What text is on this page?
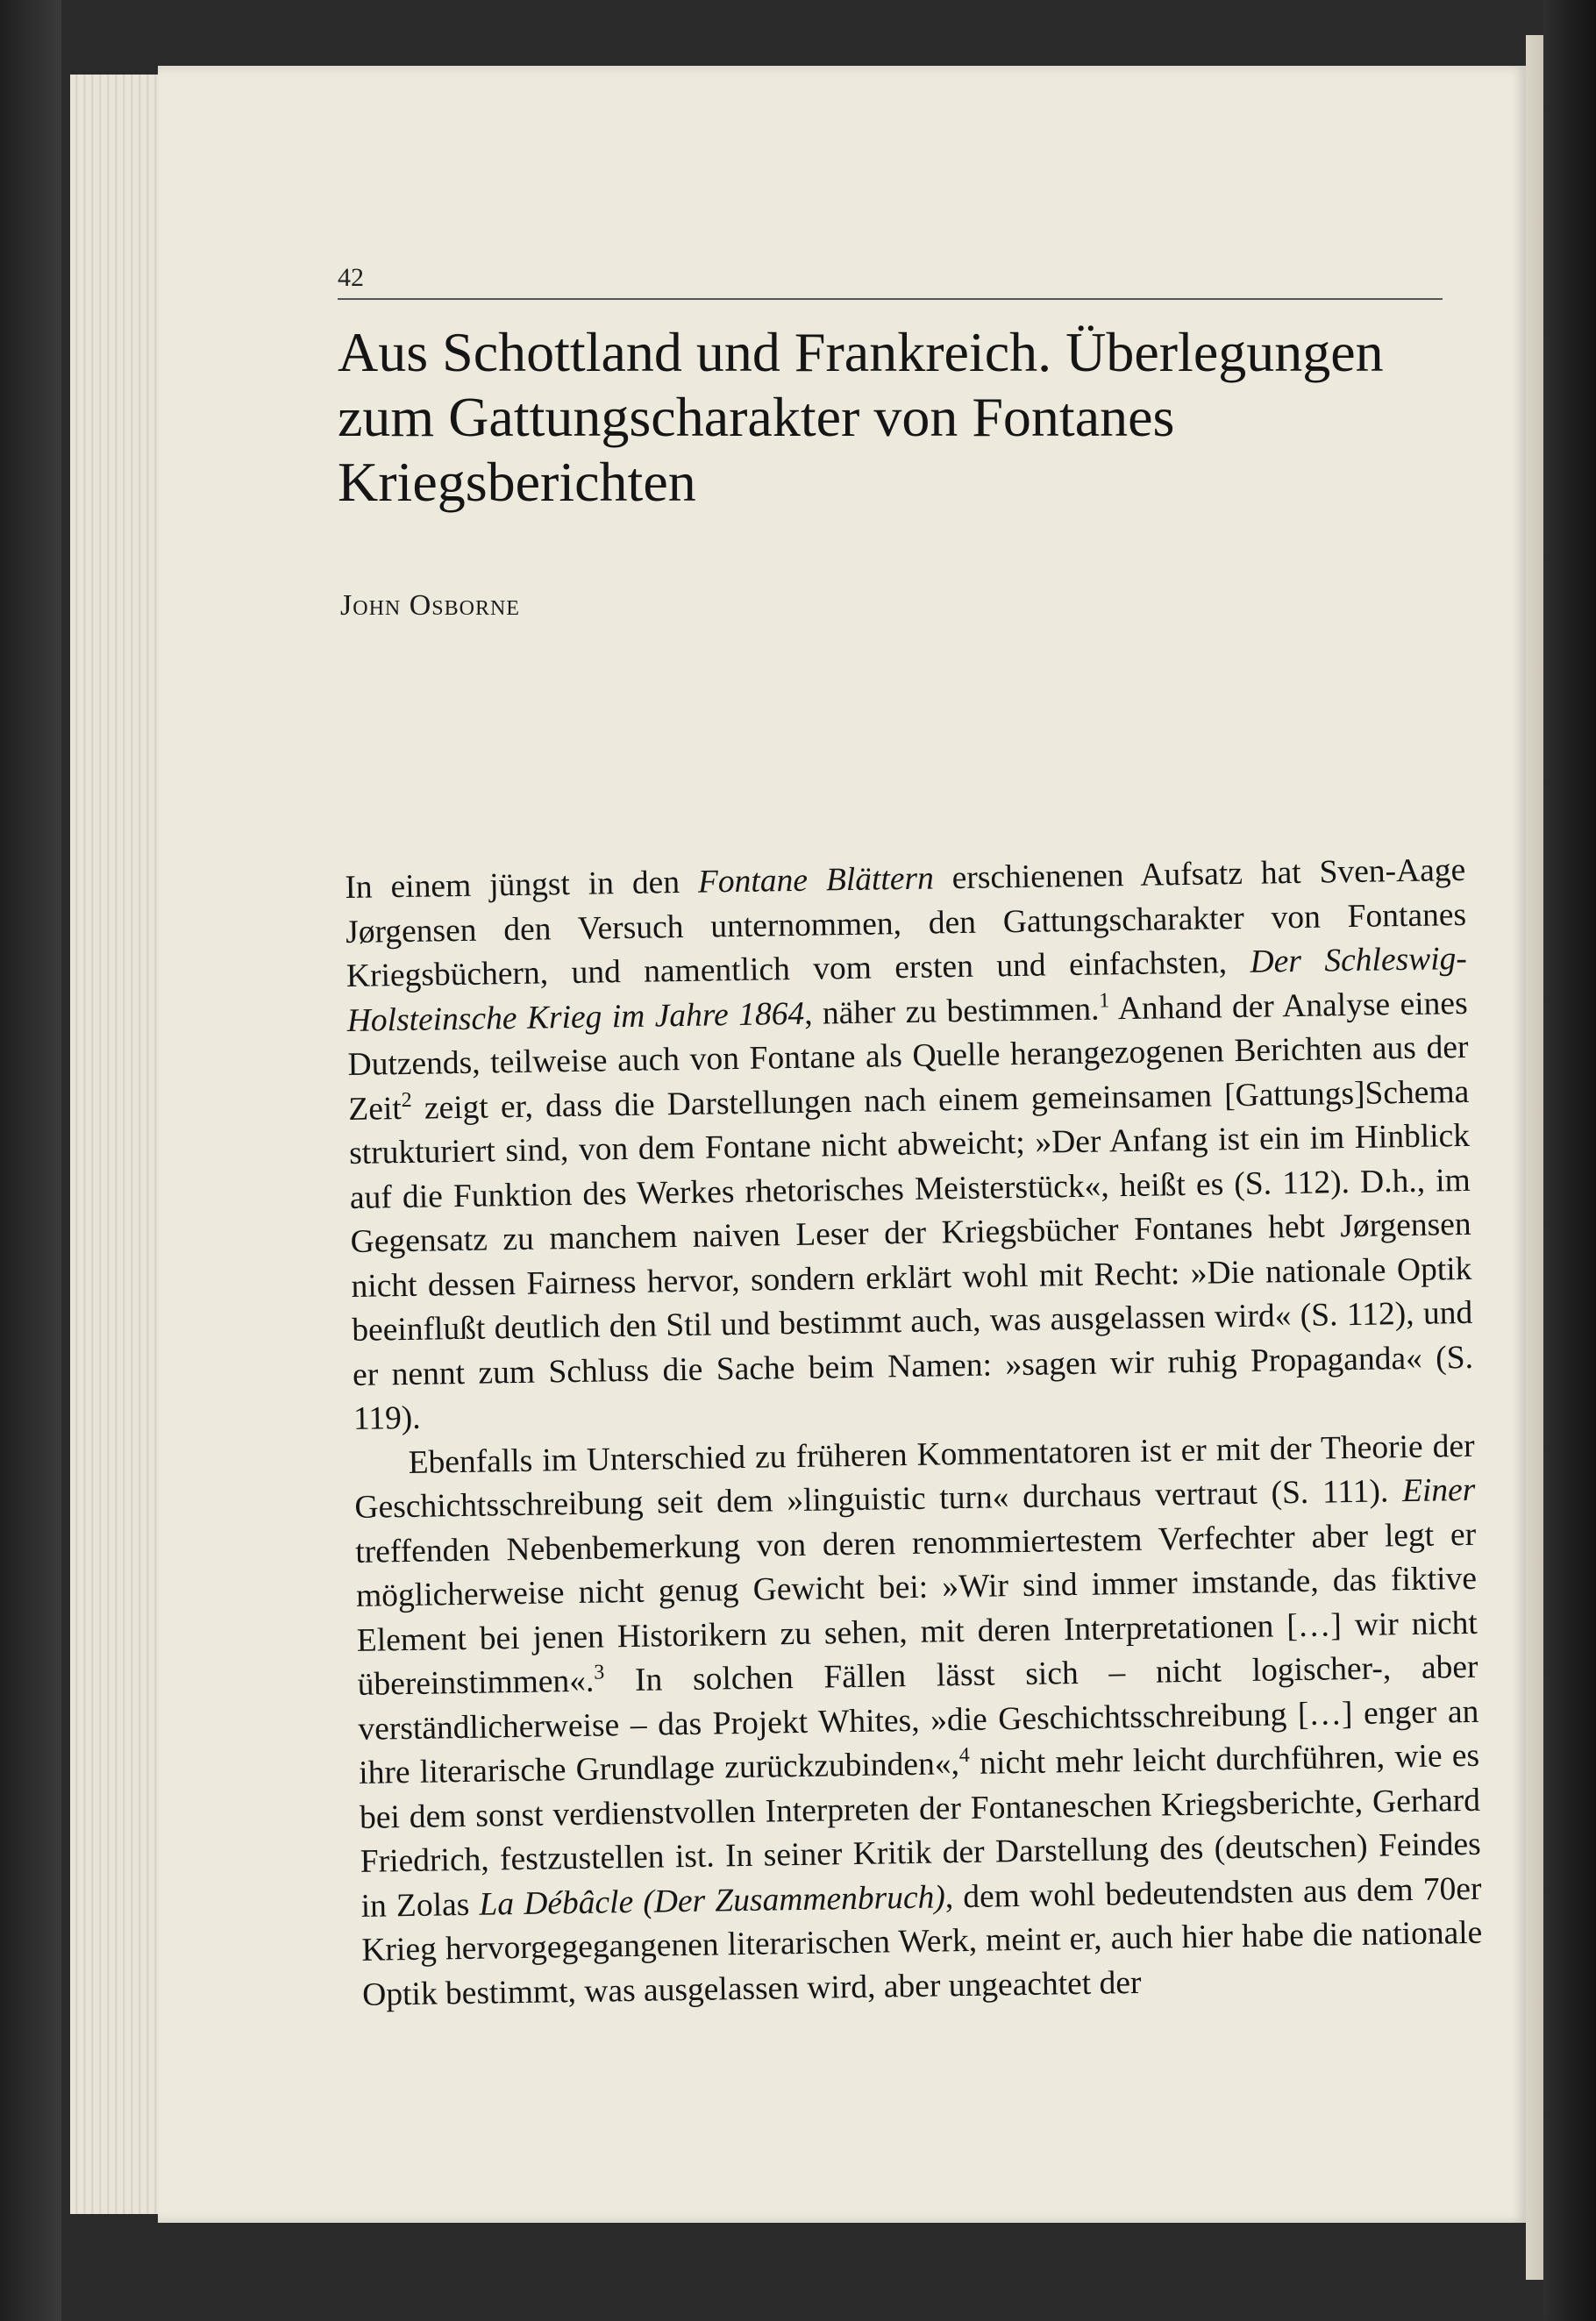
42
Aus Schottland und Frankreich. Überlegungen zum Gattungscharakter von Fontanes Kriegsberichten
John Osborne

In einem jüngst in den Fontane Blättern erschienenen Aufsatz hat Sven-Aage Jørgensen den Versuch unternommen, den Gattungscharakter von Fontanes Kriegsbüchern, und namentlich vom ersten und einfachsten, Der Schleswig-Holsteinsche Krieg im Jahre 1864, näher zu bestimmen.$^1$ Anhand der Analyse eines Dutzends, teilweise auch von Fontane als Quelle herangezogenen Berichten aus der Zeit$^2$ zeigt er, dass die Darstellungen nach einem gemeinsamen [Gattungs]Schema strukturiert sind, von dem Fontane nicht abweicht; »Der Anfang ist ein im Hinblick auf die Funktion des Werkes rhetorisches Meisterstück«, heißt es (S. 112). D.h., im Gegensatz zu manchem naiven Leser der Kriegsbücher Fontanes hebt Jørgensen nicht dessen Fairness hervor, sondern erklärt wohl mit Recht: »Die nationale Optik beeinflußt deutlich den Stil und bestimmt auch, was ausgelassen wird« (S. 112), und er nennt zum Schluss die Sache beim Namen: »sagen wir ruhig Propaganda« (S. 119).

Ebenfalls im Unterschied zu früheren Kommentatoren ist er mit der Theorie der Geschichtsschreibung seit dem »linguistic turn« durchaus vertraut (S. 111). Einer treffenden Nebenbemerkung von deren renommiertestem Verfechter aber legt er möglicherweise nicht genug Gewicht bei: »Wir sind immer imstande, das fiktive Element bei jenen Historikern zu sehen, mit deren Interpretationen […] wir nicht übereinstimmen«.$^3$ In solchen Fällen lässt sich – nicht logischer-, aber verständlicherweise – das Projekt Whites, »die Geschichtsschreibung […] enger an ihre literarische Grundlage zurückzubinden«,$^4$ nicht mehr leicht durchführen, wie es bei dem sonst verdienstvollen Interpreten der Fontaneschen Kriegsberichte, Gerhard Friedrich, festzustellen ist. In seiner Kritik der Darstellung des (deutschen) Feindes in Zolas La Débâcle (Der Zusammenbruch), dem wohl bedeutendsten aus dem 70er Krieg hervorgegegangenen literarischen Werk, meint er, auch hier habe die nationale Optik bestimmt, was ausgelassen wird, aber ungeachtet der
